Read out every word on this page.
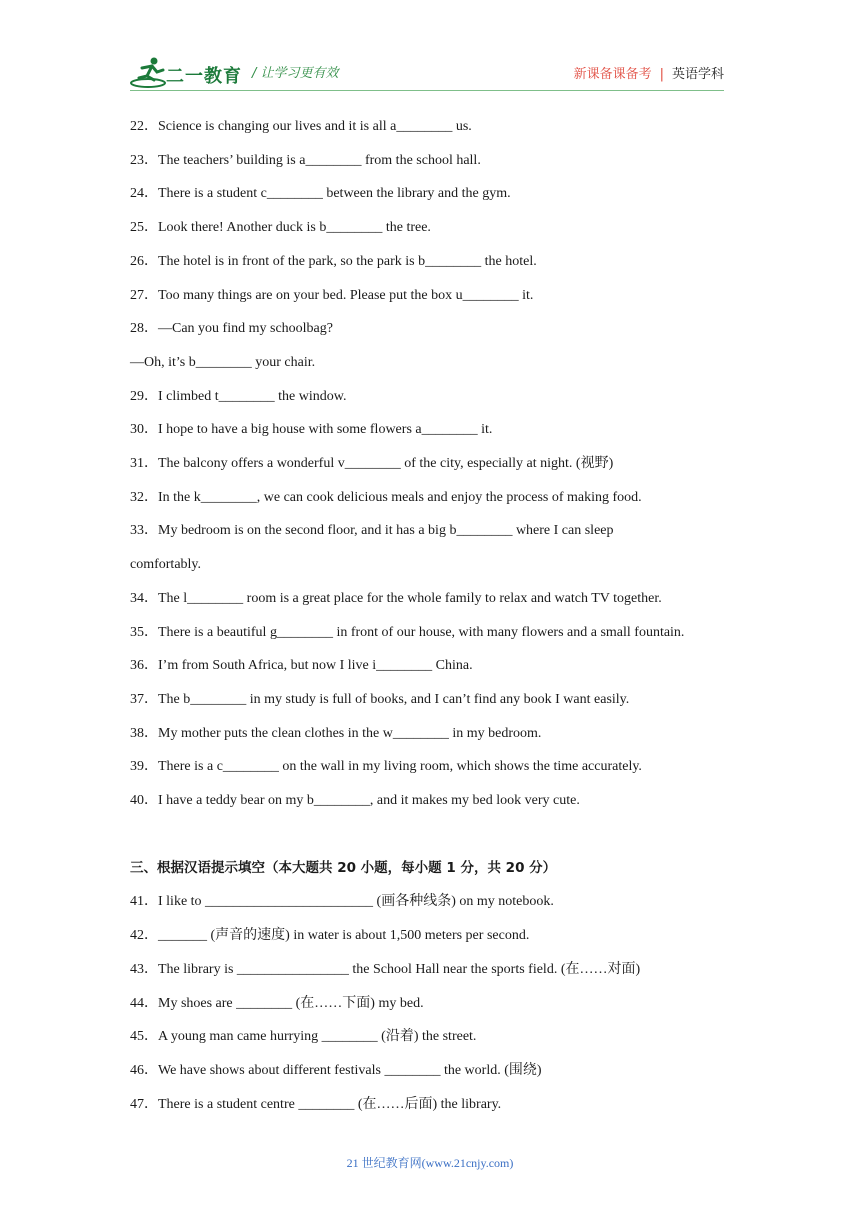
二一教育 / 让学习更有效	新课备课备考 | 英语学科
22．Science is changing our lives and it is all a________ us.
23．The teachers’ building is a________ from the school hall.
24．There is a student c________ between the library and the gym.
25．Look there! Another duck is b________ the tree.
26．The hotel is in front of the park, so the park is b________ the hotel.
27．Too many things are on your bed. Please put the box u________ it.
28．—Can you find my schoolbag?
—Oh, it’s b________ your chair.
29．I climbed t________ the window.
30．I hope to have a big house with some flowers a________ it.
31．The balcony offers a wonderful v________ of the city, especially at night. (视野)
32．In the k________, we can cook delicious meals and enjoy the process of making food.
33．My bedroom is on the second floor, and it has a big b________ where I can sleep
comfortably.
34．The l________ room is a great place for the whole family to relax and watch TV together.
35．There is a beautiful g________ in front of our house, with many flowers and a small fountain.
36．I’m from South Africa, but now I live i________ China.
37．The b________ in my study is full of books, and I can’t find any book I want easily.
38．My mother puts the clean clothes in the w________ in my bedroom.
39．There is a c________ on the wall in my living room, which shows the time accurately.
40．I have a teddy bear on my b________, and it makes my bed look very cute.
三、根据汉语提示填空（本大题共 20 小题，每小题 1 分，共 20 分）
41．I like to ________________________ (画各种线条) on my notebook.
42．_______ (声音的速度) in water is about 1,500 meters per second.
43．The library is ________________ the School Hall near the sports field. (在……对面)
44．My shoes are ________ (在……下面) my bed.
45．A young man came hurrying ________ (沿着) the street.
46．We have shows about different festivals ________ the world. (围绕)
47．There is a student centre ________ (在……后面) the library.
21 世纪教育网(www.21cnjy.com)
